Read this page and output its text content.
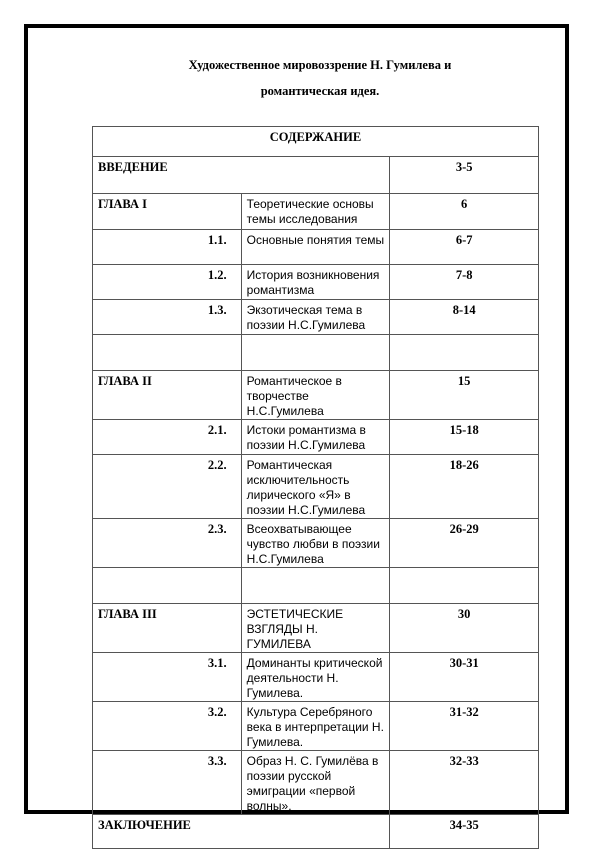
Художественное мировоззрение Н. Гумилева и
романтическая идея.
СОДЕРЖАНИЕ		
ВВЕДЕНИЕ		3-5
ГЛАВА I	Теоретические основы темы исследования	6
1.1.	Основные понятия темы	6-7
1.2.	История возникновения романтизма	7-8
1.3.	Экзотическая тема в поэзии Н.С.Гумилева	8-14

ГЛАВА II	Романтическое в творчестве Н.С.Гумилева	15
2.1.	Истоки романтизма в поэзии Н.С.Гумилева	15-18
2.2.	Романтическая исключительность лирического «Я» в поэзии Н.С.Гумилева	18-26
2.3.	Всеохватывающее чувство любви в поэзии Н.С.Гумилева	26-29

ГЛАВА III	ЭСТЕТИЧЕСКИЕ ВЗГЛЯДЫ Н. ГУМИЛЕВА	30
3.1.	Доминанты критической деятельности Н. Гумилева.	30-31
3.2.	Культура Серебряного века в интерпретации Н. Гумилева.	31-32
3.3.	Образ Н. С. Гумилёва в поэзии русской эмиграции «первой волны».	32-33
ЗАКЛЮЧЕНИЕ		34-35
